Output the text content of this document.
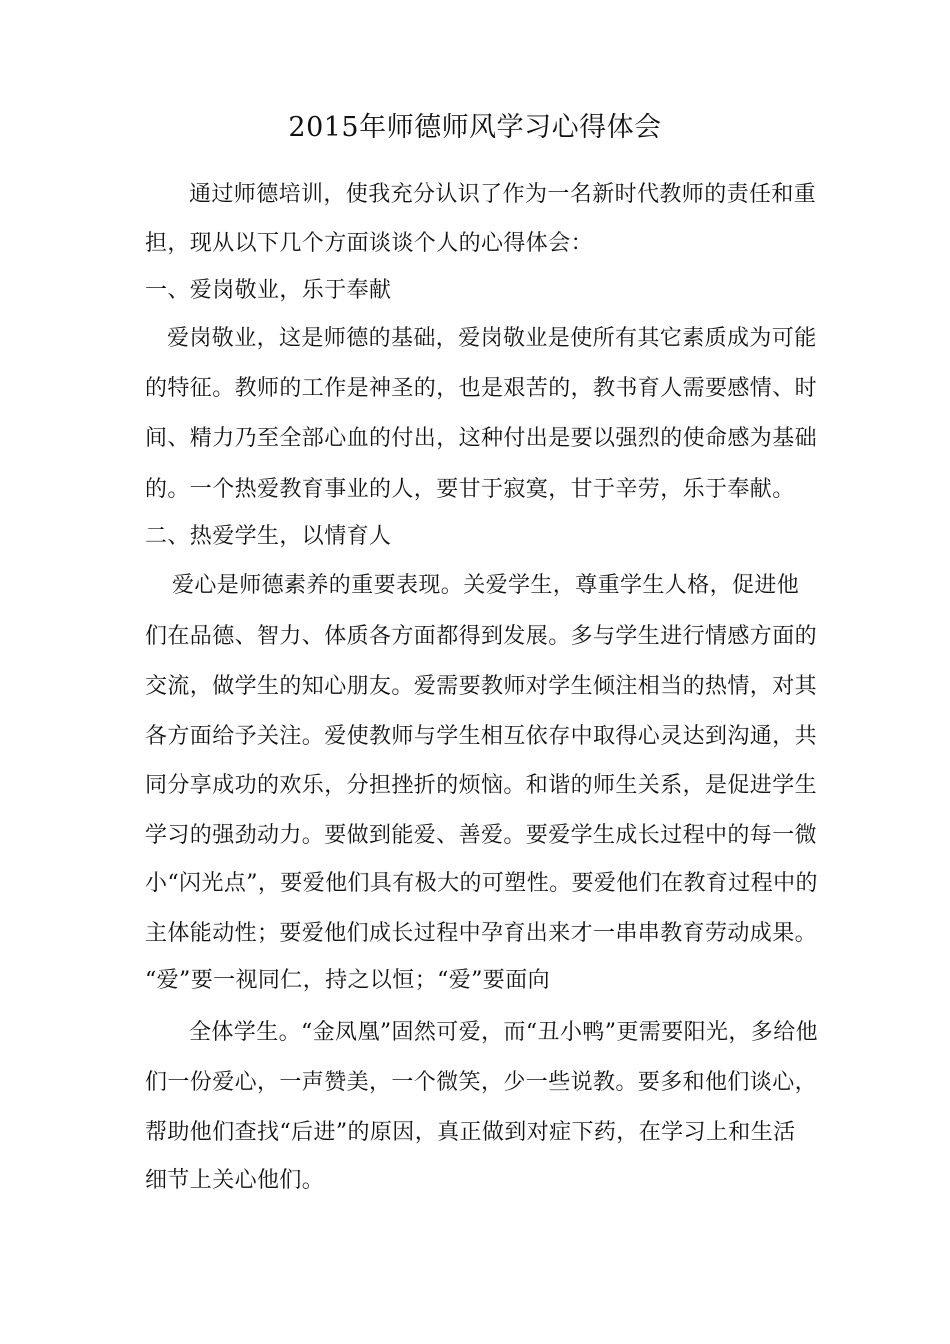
2015年师德师风学习心得体会
通过师德培训，使我充分认识了作为一名新时代教师的责任和重
担，现从以下几个方面谈谈个人的心得体会：
一、爱岗敬业，乐于奉献
爱岗敬业，这是师德的基础，爱岗敬业是使所有其它素质成为可能
的特征。教师的工作是神圣的，也是艰苦的，教书育人需要感情、时
间、精力乃至全部心血的付出，这种付出是要以强烈的使命感为基础
的。一个热爱教育事业的人，要甘于寂寞，甘于辛劳，乐于奉献。
二、热爱学生，以情育人
爱心是师德素养的重要表现。关爱学生，尊重学生人格，促进他
们在品德、智力、体质各方面都得到发展。多与学生进行情感方面的
交流，做学生的知心朋友。爱需要教师对学生倾注相当的热情，对其
各方面给予关注。爱使教师与学生相互依存中取得心灵达到沟通，共
同分享成功的欢乐，分担挫折的烦恼。和谐的师生关系，是促进学生
学习的强劲动力。要做到能爱、善爱。要爱学生成长过程中的每一微
小“闪光点”，要爱他们具有极大的可塑性。要爱他们在教育过程中的
主体能动性；要爱他们成长过程中孕育出来才一串串教育劳动成果。
“爱”要一视同仁，持之以恒；“爱”要面向
全体学生。“金凤凰”固然可爱，而“丑小鸭”更需要阳光，多给他
们一份爱心，一声赞美，一个微笑，少一些说教。要多和他们谈心，
帮助他们查找“后进”的原因，真正做到对症下药，在学习上和生活
细节上关心他们。
